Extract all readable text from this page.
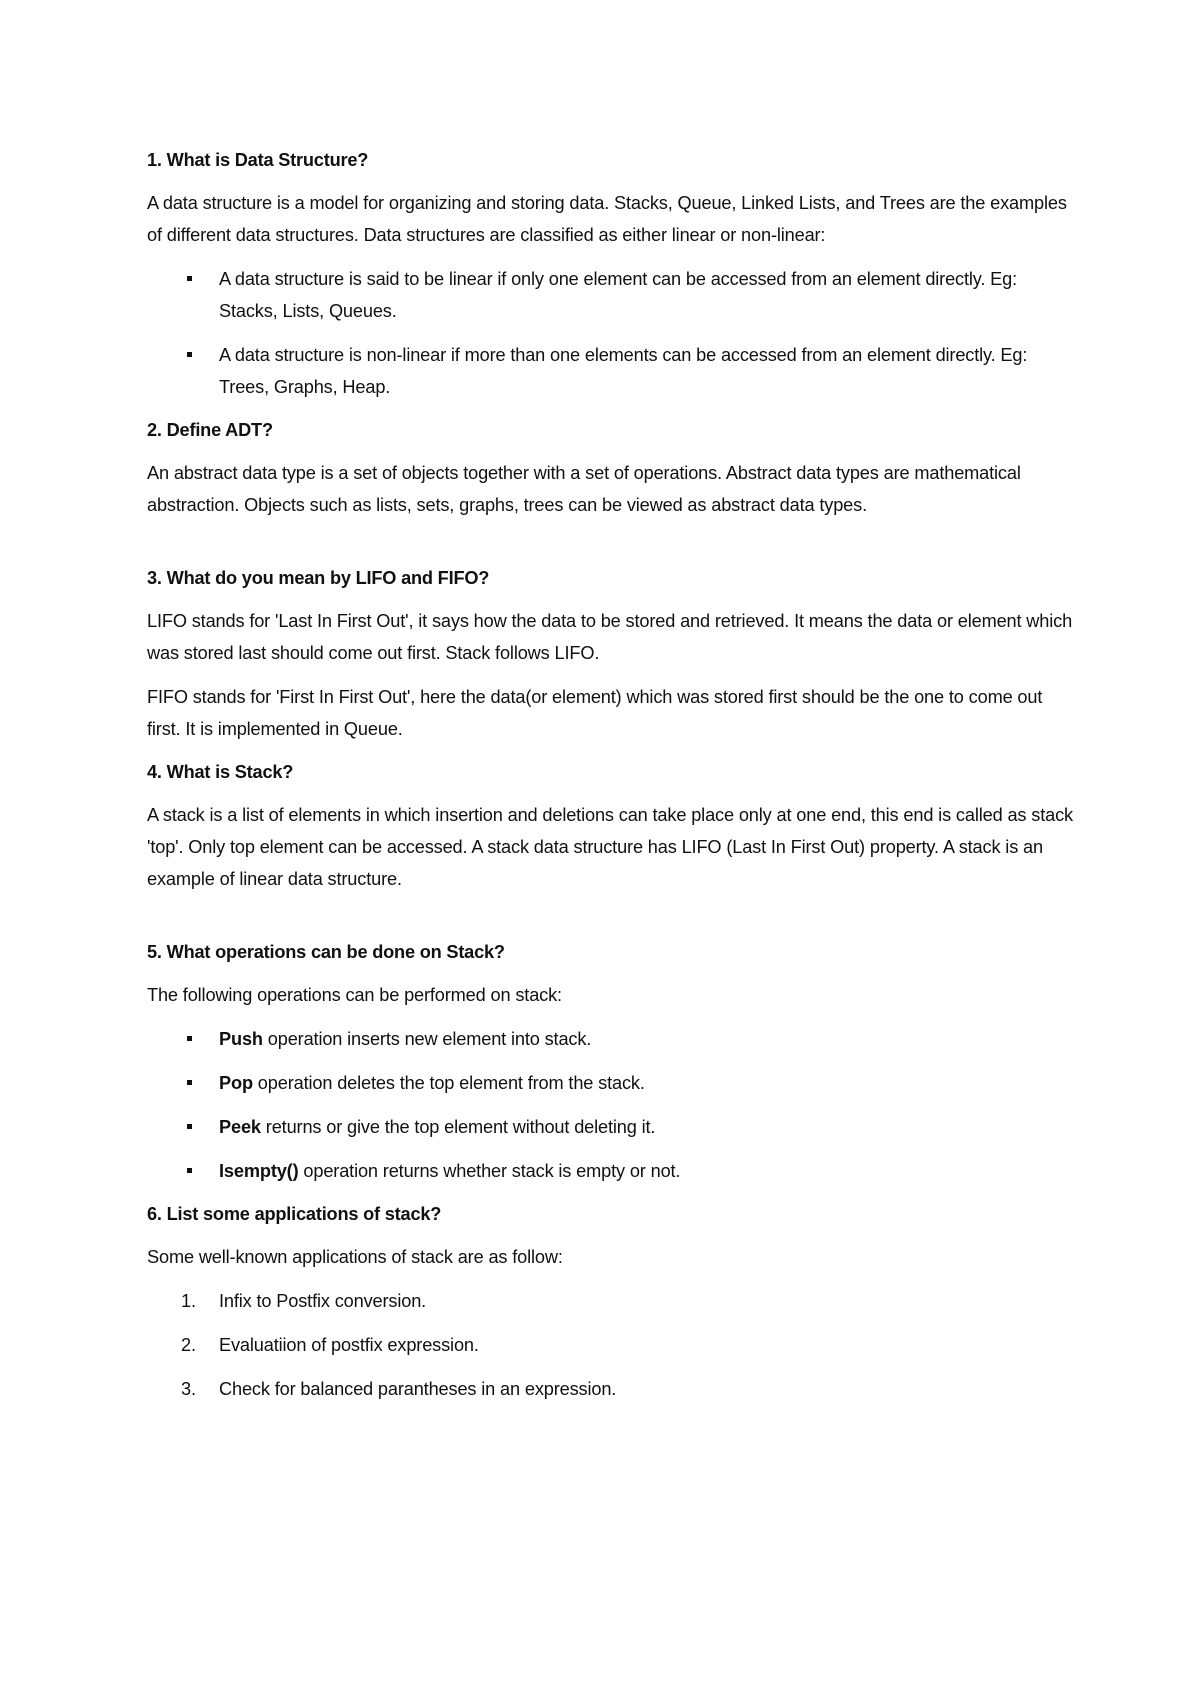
1. What is Data Structure?

A data structure is a model for organizing and storing data. Stacks, Queue, Linked Lists, and Trees are the examples of different data structures. Data structures are classified as either linear or non-linear:

A data structure is said to be linear if only one element can be accessed from an element directly. Eg: Stacks, Lists, Queues.
A data structure is non-linear if more than one elements can be accessed from an element directly. Eg: Trees, Graphs, Heap.
2. Define ADT?

An abstract data type is a set of objects together with a set of operations. Abstract data types are mathematical abstraction. Objects such as lists, sets, graphs, trees can be viewed as abstract data types.

3. What do you mean by LIFO and FIFO?

LIFO stands for 'Last In First Out', it says how the data to be stored and retrieved. It means the data or element which was stored last should come out first. Stack follows LIFO.

FIFO stands for 'First In First Out', here the data(or element) which was stored first should be the one to come out first. It is implemented in Queue.

4. What is Stack?

A stack is a list of elements in which insertion and deletions can take place only at one end, this end is called as stack 'top'. Only top element can be accessed. A stack data structure has LIFO (Last In First Out) property. A stack is an example of linear data structure.

5. What operations can be done on Stack?

The following operations can be performed on stack:

Push operation inserts new element into stack.
Pop operation deletes the top element from the stack.
Peek returns or give the top element without deleting it.
Isempty() operation returns whether stack is empty or not.
6. List some applications of stack?

Some well-known applications of stack are as follow:

1. Infix to Postfix conversion.
2. Evaluatiion of postfix expression.
3. Check for balanced parantheses in an expression.
